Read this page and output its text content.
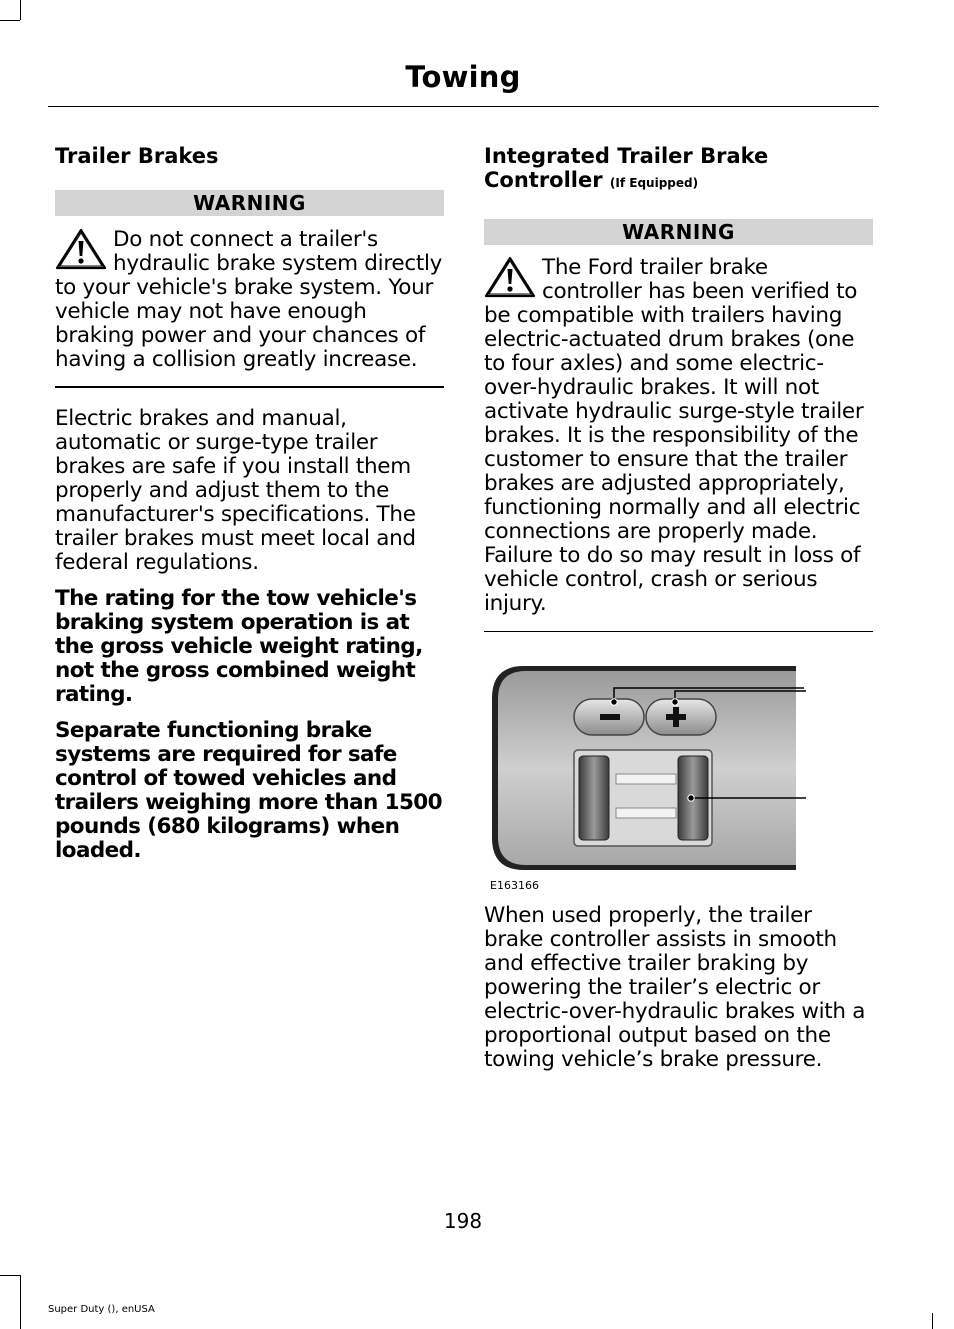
Towing
Trailer Brakes
WARNING
Do not connect a trailer's hydraulic brake system directly to your vehicle's brake system. Your vehicle may not have enough braking power and your chances of having a collision greatly increase.

Electric brakes and manual, automatic or surge-type trailer brakes are safe if you install them properly and adjust them to the manufacturer's specifications. The trailer brakes must meet local and federal regulations.

The rating for the tow vehicle's braking system operation is at the gross vehicle weight rating, not the gross combined weight rating.

Separate functioning brake systems are required for safe control of towed vehicles and trailers weighing more than 1500 pounds (680 kilograms) when loaded.

Integrated Trailer Brake Controller (If Equipped)
WARNING
The Ford trailer brake controller has been verified to be compatible with trailers having electric-actuated drum brakes (one to four axles) and some electric-over-hydraulic brakes. It will not activate hydraulic surge-style trailer brakes. It is the responsibility of the customer to ensure that the trailer brakes are adjusted appropriately, functioning normally and all electric connections are properly made. Failure to do so may result in loss of vehicle control, crash or serious injury.
E163166

When used properly, the trailer brake controller assists in smooth and effective trailer braking by powering the trailer’s electric or electric-over-hydraulic brakes with a proportional output based on the towing vehicle’s brake pressure.

198
Super Duty (), enUSA
